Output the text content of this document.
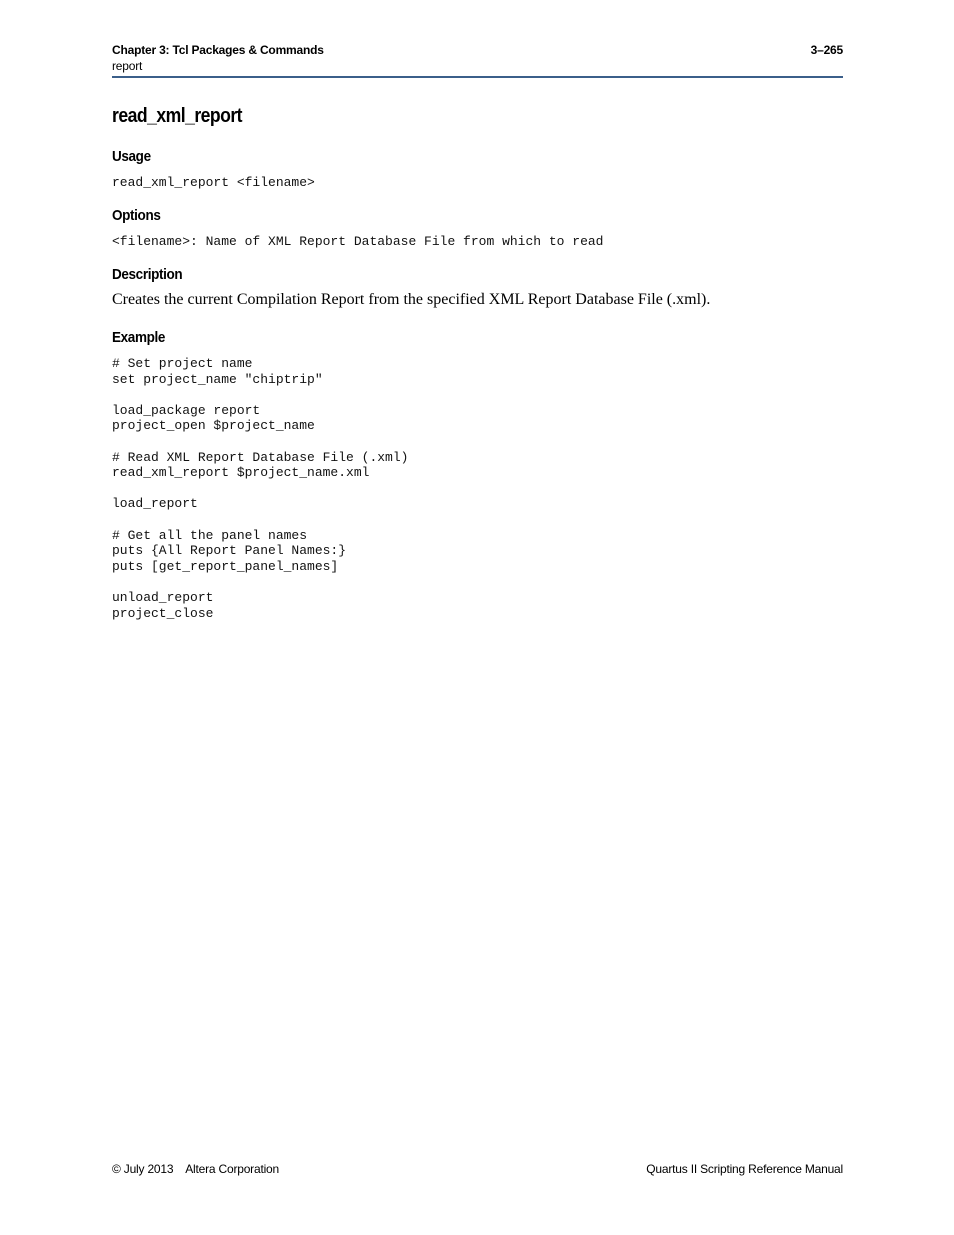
Chapter 3: Tcl Packages & Commands
report
3–265
read_xml_report
Usage
read_xml_report <filename>
Options
<filename>: Name of XML Report Database File from which to read
Description
Creates the current Compilation Report from the specified XML Report Database File (.xml).
Example
# Set project name
set project_name "chiptrip"
load_package report
project_open $project_name
# Read XML Report Database File (.xml)
read_xml_report $project_name.xml
load_report
# Get all the panel names
puts {All Report Panel Names:}
puts [get_report_panel_names]
unload_report
project_close
© July 2013    Altera Corporation	Quartus II Scripting Reference Manual
